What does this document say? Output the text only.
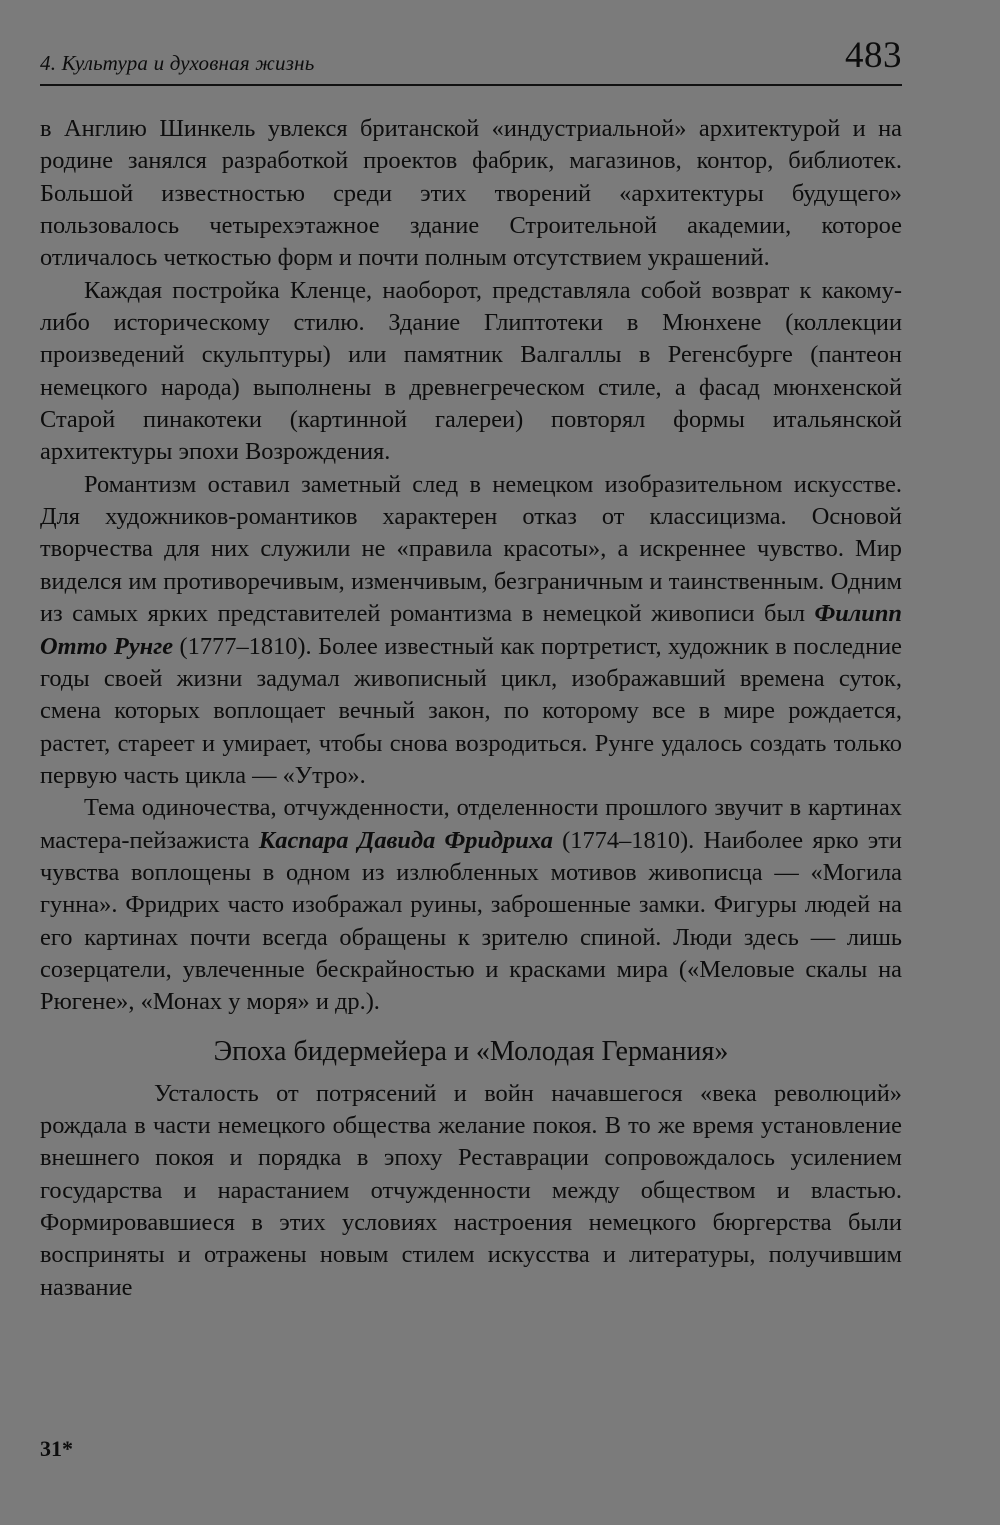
4. Культура и духовная жизнь	483

в Англию Шинкель увлекся британской «индустриальной» архитектурой и на родине занялся разработкой проектов фабрик, магазинов, контор, библиотек. Большой известностью среди этих творений «архитектуры будущего» пользовалось четырехэтажное здание Строительной академии, которое отличалось четкостью форм и почти полным отсутствием украшений.

Каждая постройка Кленце, наоборот, представляла собой возврат к какому-либо историческому стилю. Здание Глиптотеки в Мюнхене (коллекции произведений скульптуры) или памятник Валгаллы в Регенсбурге (пантеон немецкого народа) выполнены в древнегреческом стиле, а фасад мюнхенской Старой пинакотеки (картинной галереи) повторял формы итальянской архитектуры эпохи Возрождения.

Романтизм оставил заметный след в немецком изобразительном искусстве. Для художников-романтиков характерен отказ от классицизма. Основой творчества для них служили не «правила красоты», а искреннее чувство. Мир виделся им противоречивым, изменчивым, безграничным и таинственным. Одним из самых ярких представителей романтизма в немецкой живописи был Филипп Отто Рунге (1777–1810). Более известный как портретист, художник в последние годы своей жизни задумал живописный цикл, изображавший времена суток, смена которых воплощает вечный закон, по которому все в мире рождается, растет, стареет и умирает, чтобы снова возродиться. Рунге удалось создать только первую часть цикла — «Утро».

Тема одиночества, отчужденности, отделенности прошлого звучит в картинах мастера-пейзажиста Каспара Давида Фридриха (1774–1810). Наиболее ярко эти чувства воплощены в одном из излюбленных мотивов живописца — «Могила гунна». Фридрих часто изображал руины, заброшенные замки. Фигуры людей на его картинах почти всегда обращены к зрителю спиной. Люди здесь — лишь созерцатели, увлеченные бескрайностью и красками мира («Меловые скалы на Рюгене», «Монах у моря» и др.).

Эпоха бидермейера и «Молодая Германия»

Усталость от потрясений и войн начавшегося «века революций» рождала в части немецкого общества желание покоя. В то же время установление внешнего покоя и порядка в эпоху Реставрации сопровождалось усилением государства и нарастанием отчужденности между обществом и властью. Формировавшиеся в этих условиях настроения немецкого бюргерства были восприняты и отражены новым стилем искусства и литературы, получившим название

31*
